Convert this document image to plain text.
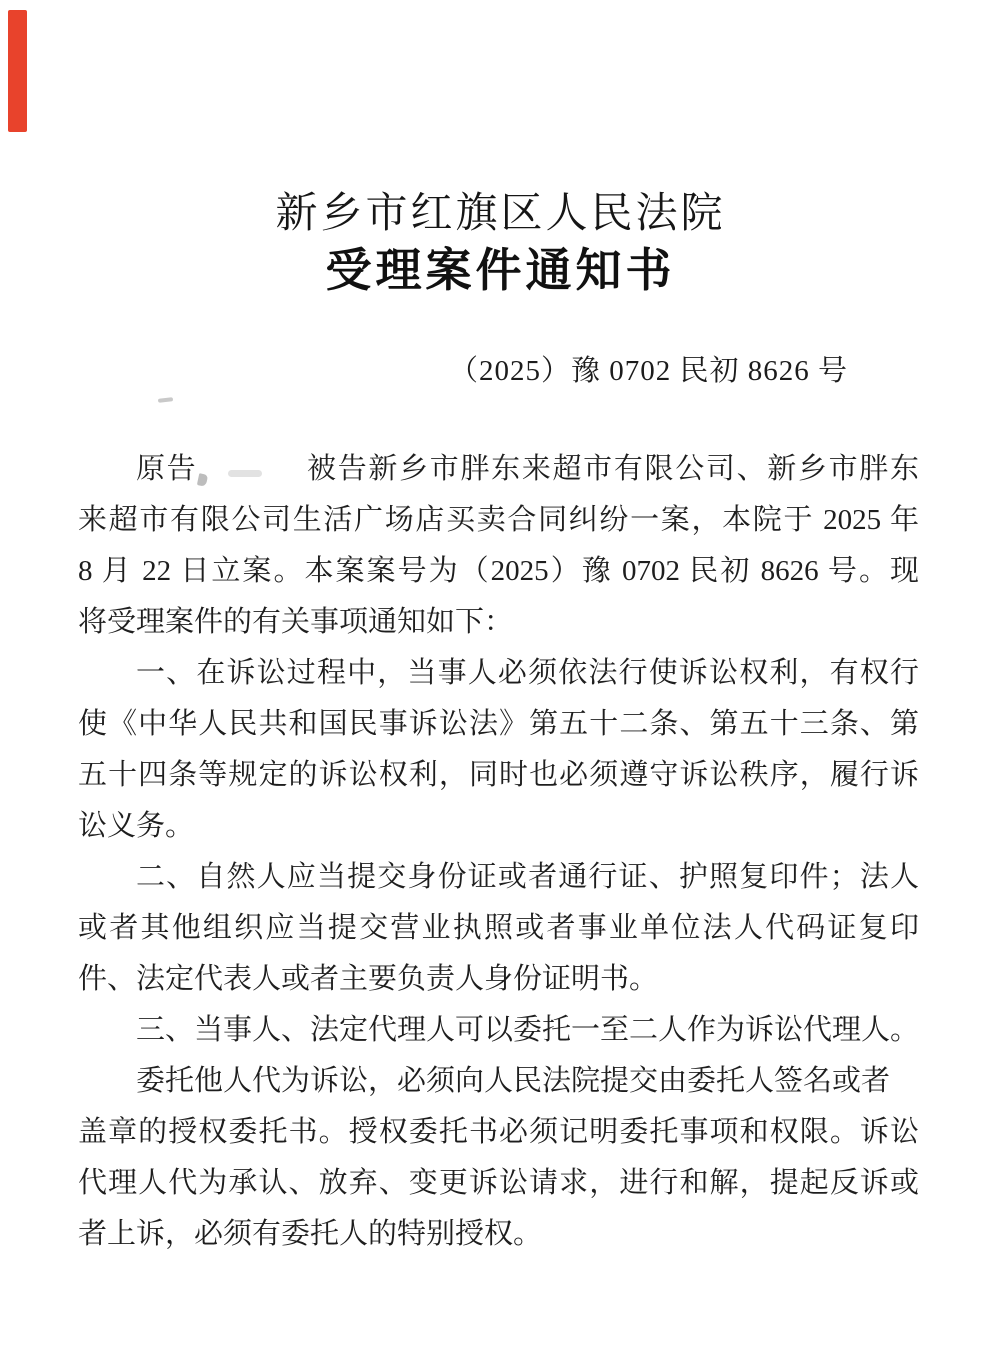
新乡市红旗区人民法院
受理案件通知书
（2025）豫 0702 民初 8626 号
原告	被告新乡市胖东来超市有限公司、新乡市胖东
来超市有限公司生活广场店买卖合同纠纷一案，本院于 2025 年
8 月 22 日立案。本案案号为（2025）豫 0702 民初 8626 号。现
将受理案件的有关事项通知如下：
一、在诉讼过程中，当事人必须依法行使诉讼权利，有权行
使《中华人民共和国民事诉讼法》第五十二条、第五十三条、第
五十四条等规定的诉讼权利，同时也必须遵守诉讼秩序，履行诉
讼义务。
二、自然人应当提交身份证或者通行证、护照复印件；法人
或者其他组织应当提交营业执照或者事业单位法人代码证复印
件、法定代表人或者主要负责人身份证明书。
三、当事人、法定代理人可以委托一至二人作为诉讼代理人。
委托他人代为诉讼，必须向人民法院提交由委托人签名或者
盖章的授权委托书。授权委托书必须记明委托事项和权限。诉讼
代理人代为承认、放弃、变更诉讼请求，进行和解，提起反诉或
者上诉，必须有委托人的特别授权。
